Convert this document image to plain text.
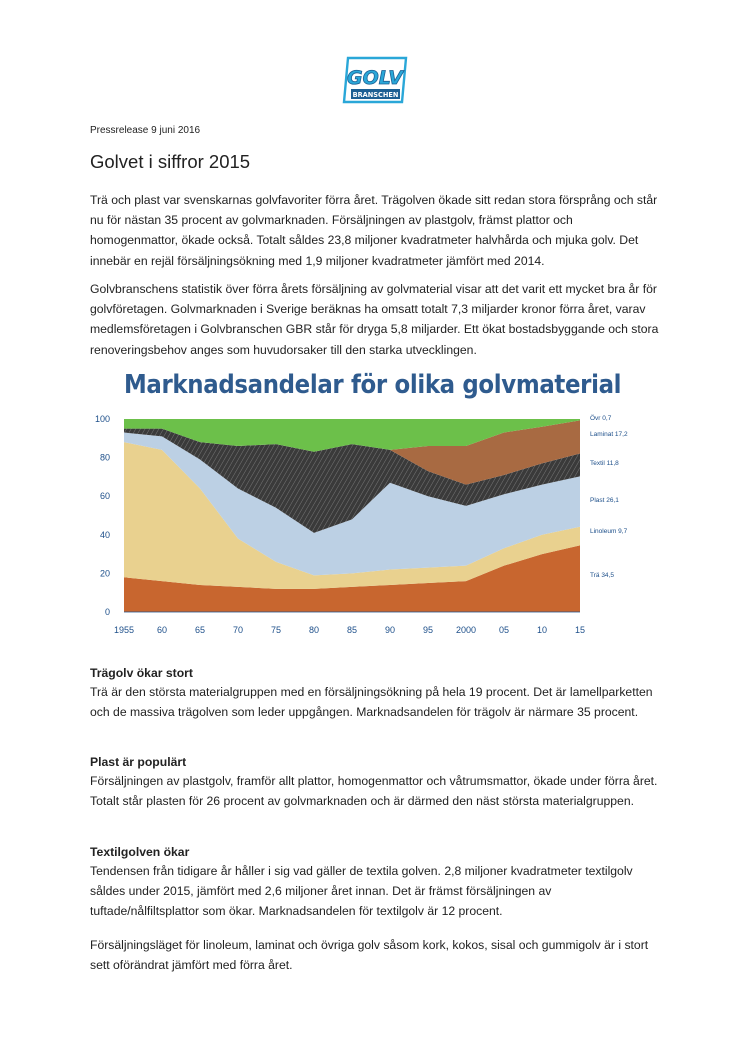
GOLV
BRANSCHEN
Pressrelease 9 juni 2016
Golvet i siffror 2015

Trä och plast var svenskarnas golvfavoriter förra året. Trägolven ökade sitt redan stora försprång och står nu för nästan 35 procent av golvmarknaden. Försäljningen av plastgolv, främst plattor och homogenmattor, ökade också. Totalt såldes 23,8 miljoner kvadratmeter halvhårda och mjuka golv. Det innebär en rejäl försäljningsökning med 1,9 miljoner kvadratmeter jämfört med 2014.

Golvbranschens statistik över förra årets försäljning av golvmaterial visar att det varit ett mycket bra år för golvföretagen. Golvmarknaden i Sverige beräknas ha omsatt totalt 7,3 miljarder kronor förra året, varav medlemsföretagen i Golvbranschen GBR står för dryga 5,8 miljarder. Ett ökat bostadsbyggande och stora renoveringsbehov anges som huvudorsaker till den starka utvecklingen.

Marknadsandelar för olika golvmaterial
0
20
40
60
80
100
1955	60	65	70	75	80	85	90	95	2000	05	10	15
Trä 34,5
Linoleum 9,7
Plast 26,1
Textil 11,8
Laminat 17,2
Övr 0,7
Trägolv ökar stort

Trä är den största materialgruppen med en försäljningsökning på hela 19 procent. Det är lamellparketten och de massiva trägolven som leder uppgången. Marknadsandelen för trägolv är närmare 35 procent.

Plast är populärt

Försäljningen av plastgolv, framför allt plattor, homogenmattor och våtrumsmattor, ökade under förra året. Totalt står plasten för 26 procent av golvmarknaden och är därmed den näst största materialgruppen.

Textilgolven ökar

Tendensen från tidigare år håller i sig vad gäller de textila golven. 2,8 miljoner kvadratmeter textilgolv såldes under 2015, jämfört med 2,6 miljoner året innan. Det är främst försäljningen av tuftade/nålfiltsplattor som ökar. Marknadsandelen för textilgolv är 12 procent.

Försäljningsläget för linoleum, laminat och övriga golv såsom kork, kokos, sisal och gummigolv är i stort sett oförändrat jämfört med förra året.
